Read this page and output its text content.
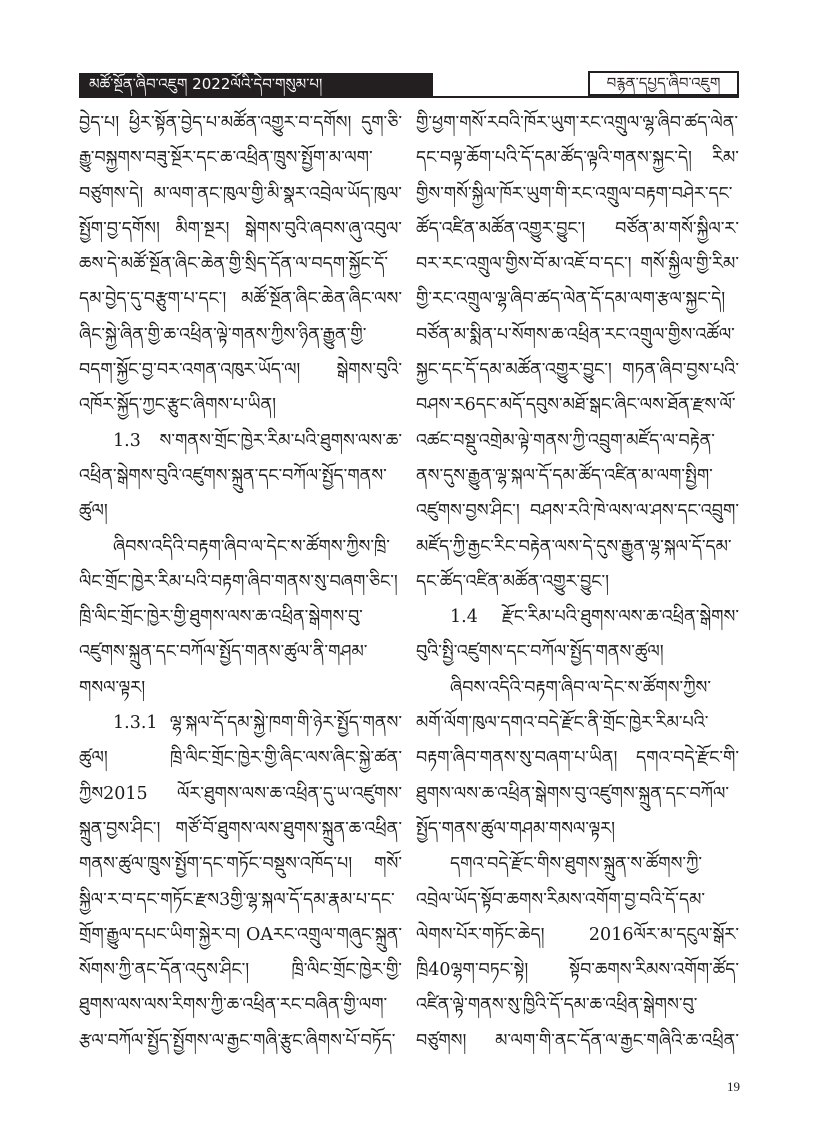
མཚོ་སྔོན་ཞིབ་འཇུག 2022ལོའི་དེབ་གསུམ་པ།	བརྙན་དཔྱད་ཞིབ་འཇུག

བྱེད་པ། ཕྱིར་སྟོན་བྱེད་པ་མཚོན་འགྱུར་བ་དགོས། དུག་ཅི་རྒྱུ་བསྐྱགས་བཟུ་སྔོར་དང་ཆ་འཕྲིན་ཁྲུས་སྤྱོག་མ་ལག་བཙུགས་དེ། མ་ལག་ནང་ཁུལ་གྱི་མི་སྣར་འབྲེལ་ཡོད་ཁུལ་སྤྱོག་བྱ་དགོས། མིག་སྔར། སྒེགས་བུའི་ཞབས་ཞུ་འབུལ་ཆས་དེ་མཚོ་སྔོན་ཞིང་ཆེན་གྱི་སྲིད་དོན་ལ་བདག་སྐྱོང་དོ་དམ་བྱེད་དུ་བརྩུག་པ་དང་། མཚོ་སྔོན་ཞིང་ཆེན་ཞིང་ལས་ཞིང་སྐྱེ་ཞིན་གྱི་ཆ་འཕྲིན་ལྟེ་གནས་ཀྱིས་ཉིན་རྒྱུན་གྱི་བདག་སྐྱོང་བྱ་བར་འགན་འཁུར་ཡོད་ལ། སྒེགས་བུའི་འཁོར་སྐྱོད་ཀྱང་རྩུང་ཞིགས་པ་ཡིན།

1.3 ས་གནས་གྲོང་ཁྱེར་རིམ་པའི་ཐུགས་ལས་ཆ་འཕྲིན་སྒེགས་བུའི་འཛུགས་སྐྲུན་དང་བཀོལ་སྤྱོད་གནས་ཚུལ།

ཞིབས་འདིའི་བརྟག་ཞིབ་ལ་དེང་ས་ཚོགས་ཀྱིས་ཁྲི་ལིང་གྲོང་ཁྱེར་རིམ་པའི་བརྟག་ཞིབ་གནས་སུ་བཞག་ཅིང་། ཁྲི་ལིང་གྲོང་ཁྱེར་གྱི་ཐུགས་ལས་ཆ་འཕྲིན་སྒེགས་བུ་འཛུགས་སྐྲུན་དང་བཀོལ་སྤྱོད་གནས་ཚུལ་ནི་གཤམ་གསལ་ལྟར།

1.3.1 ལྷ་སྐལ་དོ་དམ་སྐྱེ་ཁག་གི་ཉེར་སྤྱོད་གནས་ཚུལ། ཁྲི་ལིང་གྲོང་ཁྱེར་གྱི་ཞིང་ལས་ཞིང་སྐྱེ་ཚན་ཀྱིས2015 ལོར་ཐུགས་ལས་ཆ་འཕྲིན་དུ་ཡ་འཛུགས་སྐྲུན་བྱས་ཤིང་། གཙོ་བོ་ཐུགས་ལས་ཐུགས་སྐྲུན་ཆ་འཕྲིན་གནས་ཚུལ་ཁྲུས་སྤྱོག་དང་གཏོང་བསྡུས་འཁོད་པ། གསོ་སྐྱིལ་ར་བ་དང་གཏོང་རྫས3གྱི་ལྷ་སྐལ་དོ་དམ་རྣམ་པ་དང་གྲོག་རྒྱུལ་དཔང་ཡིག་སྐྱེར་བ། OAརང་འགྲུལ་གཞུང་སྐྲུན་སོགས་ཀྱི་ནང་དོན་འདུས་ཤིང་། ཁྲི་ལིང་གྲོང་ཁྱེར་གྱི་ཐུགས་ལས་ལས་རིགས་ཀྱི་ཆ་འཕྲིན་རང་བཞིན་གྱི་ལག་རྩལ་བཀོལ་སྤྱོད་སྤྱོགས་ལ་རྒྱང་གཞི་རྩུང་ཞིགས་པོ་བཏོད་

གྱི་ཕྱག་གསོ་རབའི་ཁོར་ཡུག་རང་འགྲུལ་ལྷ་ཞིབ་ཚད་ལེན་དང་བལྟ་ཆོག་པའི་དོ་དམ་ཚོད་ལྟའི་གནས་སྐྱང་དེ། རིམ་གྱིས་གསོ་སྐྱིལ་ཁོར་ཡུག་གི་རང་འགྲུལ་བརྟག་བཤེར་དང་ཚོད་འཛིན་མཚོན་འགྱུར་བྱུང་། བཙོན་མ་གསོ་སྐྱིལ་ར་བར་རང་འགྲུལ་གྱིས་བོ་མ་འཇོ་བ་དང་། གསོ་སྐྱིལ་གྱི་རིམ་གྱི་རང་འགྲུལ་ལྷ་ཞིབ་ཚད་ལེན་དོ་དམ་ལག་རྩལ་སྐྱང་དེ། བཙོན་མ་སྨིན་པ་སོགས་ཆ་འཕྲིན་རང་འགྲུལ་གྱིས་འཚོལ་སྐྱང་དང་དོ་དམ་མཚོན་འགྱུར་བྱུང་། གཏན་ཞིབ་བྱས་པའི་བཤས་ར6དང་མདོ་དབུས་མཐོ་སྒང་ཞིང་ལས་ཐོན་རྫས་ལོ་འཚང་བསྡུ་འགྲེམ་ལྟེ་གནས་ཀྱི་འབྲུག་མཛོད་ལ་བརྟེན་ནས་དུས་རྒྱུན་ལྷ་སྐལ་དོ་དམ་ཚོད་འཛིན་མ་ལག་སྤྱིག་འཛུགས་བྱས་ཤིང་། བཤས་རའི་ཁེ་ལས་ལ་ཤས་དང་འབྲུག་མཛོད་ཀྱི་རྒྱང་རིང་བརྟེན་ལས་དེ་དུས་རྒྱུན་ལྷ་སྐལ་དོ་དམ་དང་ཚོད་འཛིན་མཚོན་འགྱུར་བྱུང་།

1.4 རྫོང་རིམ་པའི་ཐུགས་ལས་ཆ་འཕྲིན་སྒེགས་བུའི་སྤྱི་འཛུགས་དང་བཀོལ་སྤྱོད་གནས་ཚུལ།

ཞིབས་འདིའི་བརྟག་ཞིབ་ལ་དེང་ས་ཚོགས་ཀྱིས་མགོ་ལོག་ཁུལ་དགའ་བདེ་རྫོང་ནི་གྲོང་ཁྱེར་རིམ་པའི་བརྟག་ཞིབ་གནས་སུ་བཞག་པ་ཡིན། དགའ་བདེ་རྫོང་གི་ཐུགས་ལས་ཆ་འཕྲིན་སྒེགས་བུ་འཛུགས་སྐྲུན་དང་བཀོལ་སྤྱོད་གནས་ཚུལ་གཤམ་གསལ་ལྟར།

དགའ་བདེ་རྫོང་གིས་ཐུགས་སྐྲུན་ས་ཚོགས་ཀྱི་འབྲེལ་ཡོད་སྟོབ་ཆགས་རིམས་འགོག་བྱ་བའི་དོ་དམ་ལེགས་པོར་གཏོང་ཆེད། 2016ལོར་མ་དངུལ་སྒོར་ཁྲི40ལྷག་བཏང་སྟེ། སྟོབ་ཆགས་རིམས་འགོག་ཚོད་འཛིན་ལྟེ་གནས་སུ་ཁྱིའི་དོ་དམ་ཆ་འཕྲིན་སྒེགས་བུ་བཙུགས། མ་ལག་གི་ནང་དོན་ལ་རྒྱང་གཞིའི་ཆ་འཕྲིན་

19
